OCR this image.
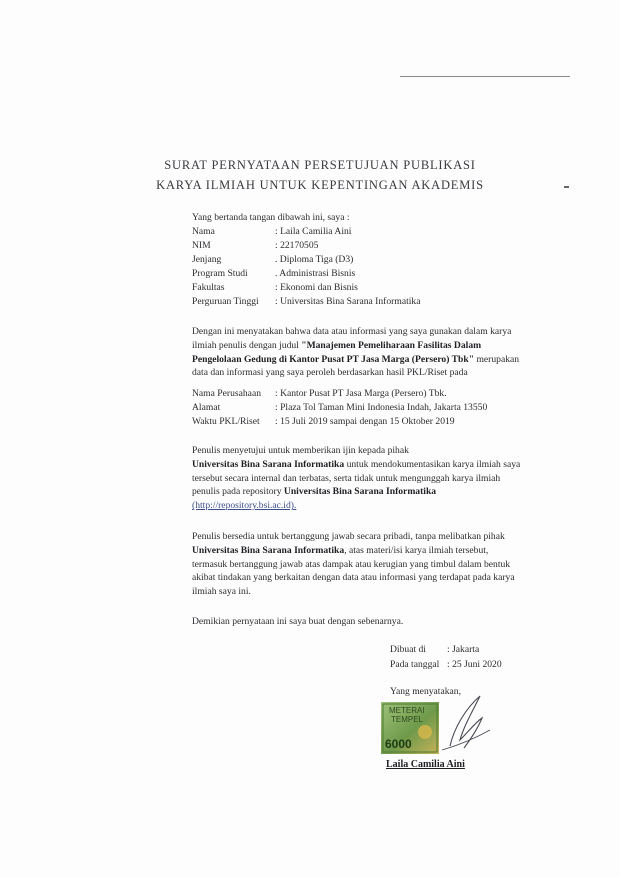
SURAT PERNYATAAN PERSETUJUAN PUBLIKASI
KARYA ILMIAH UNTUK KEPENTINGAN AKADEMIS
Yang bertanda tangan dibawah ini, saya :
Nama	: Laila Camilia Aini
NIM	: 22170505
Jenjang	. Diploma Tiga (D3)
Program Studi	. Administrasi Bisnis
Fakultas	: Ekonomi dan Bisnis
Perguruan Tinggi : Universitas Bina Sarana Informatika
Dengan ini menyatakan bahwa data atau informasi yang saya gunakan dalam karya
ilmiah penulis dengan judul "Manajemen Pemeliharaan Fasilitas Dalam
Pengelolaan Gedung di Kantor Pusat PT Jasa Marga (Persero) Tbk" merupakan
data dan informasi yang saya peroleh berdasarkan hasil PKL/Riset pada
Nama Perusahaan : Kantor Pusat PT Jasa Marga (Persero) Tbk.
Alamat	: Plaza Tol Taman Mini Indonesia Indah, Jakarta 13550
Waktu PKL/Riset : 15 Juli 2019 sampai dengan 15 Oktober 2019
Penulis menyetujui untuk memberikan ijin kepada pihak
Universitas Bina Sarana Informatika untuk mendokumentasikan karya ilmiah saya
tersebut secara internal dan terbatas, serta tidak untuk mengunggah karya ilmiah
penulis pada repository Universitas Bina Sarana Informatika
(http://repository.bsi.ac.id).
Penulis bersedia untuk bertanggung jawab secara pribadi, tanpa melibatkan pihak
Universitas Bina Sarana Informatika, atas materi/isi karya ilmiah tersebut,
termasuk bertanggung jawab atas dampak atau kerugian yang timbul dalam bentuk
akibat tindakan yang berkaitan dengan data atau informasi yang terdapat pada karya
ilmiah saya ini.
Demikian pernyataan ini saya buat dengan sebenarnya.
Dibuat di : Jakarta
Pada tanggal : 25 Juni 2020
Yang menyatakan,
METERAI
TEMPEL
6000
Laila Camilia Aini
